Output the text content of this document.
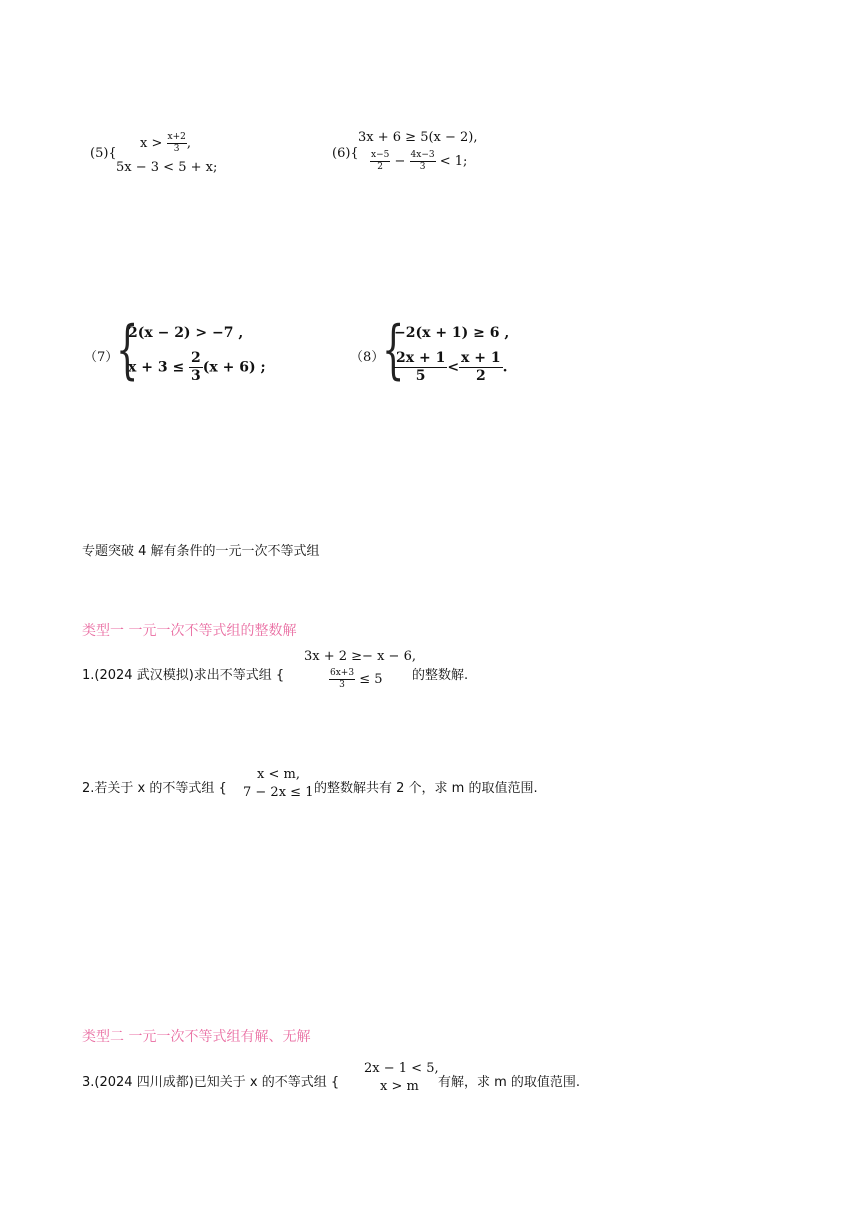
(5){
$x > \frac{x+2}{3}$ ,
5x − 3 < 5 + x;
(6){
3x + 6 ≥ 5(x − 2),
$\frac{x-5}{2} - \frac{4x-3}{3} < 1$;
（7）
{
2(x − 2) > −7 ,
$x + 3 \le \frac{2}{3} (x + 6)$ ;
（8）
{
−2(x + 1) ≥ 6 ,
$\frac{2x + 1}{5} < \frac{x + 1}{2}$ .
专题突破 4 解有条件的一元一次不等式组
类型一 一元一次不等式组的整数解
1.(2024 武汉模拟)求出不等式组 {
3x + 2 ≥− x − 6,
$\frac{6x+3}{3} \le 5$ 的整数解.
2.若关于 x 的不等式组 {
x < m,
7 − 2x ≤ 1 的整数解共有 2 个，求 m 的取值范围.
类型二 一元一次不等式组有解、无解
3.(2024 四川成都)已知关于 x 的不等式组 {
2x − 1 < 5,
x > m 有解，求 m 的取值范围.
